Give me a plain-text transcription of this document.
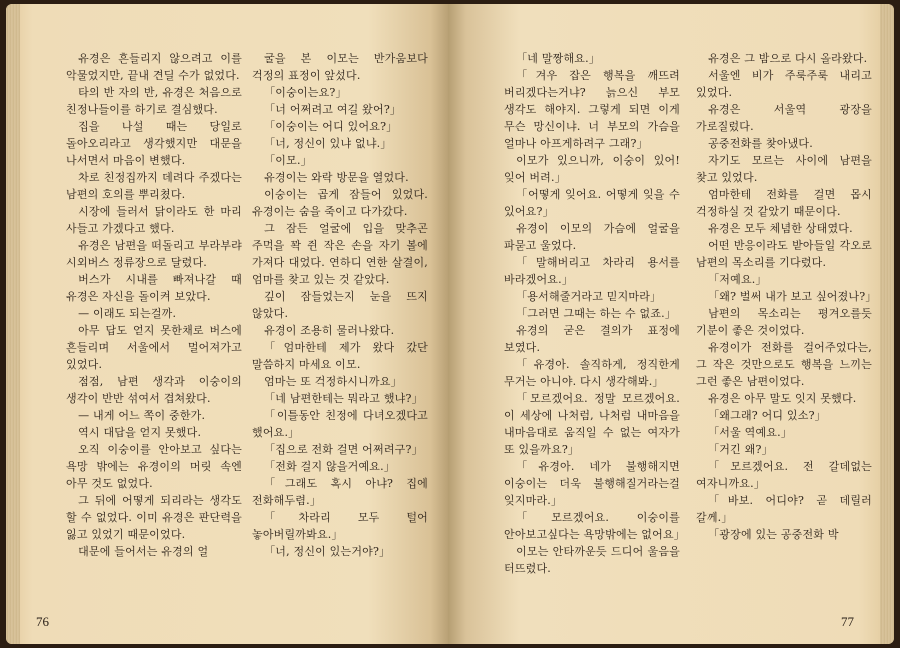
유경은 흔들리지 않으려고 이를 악물었지만, 끝내 견딜 수가 없었다.

타의 반 자의 반, 유경은 처음으로 친정나들이를 하기로 결심했다.

집을 나설 때는 당일로 돌아오리라고 생각했지만 대문을 나서면서 마음이 변했다.

차로 친정집까지 데려다 주겠다는 남편의 호의를 뿌리쳤다.

시장에 들러서 닭이라도 한 마리 사들고 가겠다고 했다.

유경은 남편을 떠돌리고 부라부랴 시외버스 정류장으로 달렸다.

버스가 시내를 빠져나갈 때 유경은 자신을 돌이켜 보았다.

— 이래도 되는걸까.

아무 답도 얻지 못한채로 버스에 흔들리며 서울에서 멀어져가고 있었다.

점점, 남편 생각과 이숭이의 생각이 반반 섞여서 겹쳐왔다.

— 내게 어느 쪽이 중한가.

역시 대답을 얻지 못했다.

오직 이숭이를 안아보고 싶다는 욕망 밖에는 유경이의 머릿 속엔 아무 것도 없었다.

그 뒤에 어떻게 되리라는 생각도 할 수 없었다. 이미 유경은 판단력을 잃고 있었기 때문이었다.

대문에 들어서는 유경의 얼

굴을 본 이모는 반가움보다 걱정의 표정이 앞섰다.

「이숭이는요?」

「너 어쩌려고 여길 왔어?」

「이숭이는 어디 있어요?」

「너, 정신이 있냐 없냐.」

「이모.」

유경이는 와락 방문을 열었다.

이숭이는 곱게 잠들어 있었다. 유경이는 숨을 죽이고 다가갔다.

그 잠든 얼굴에 입을 맞추곤 주먹을 꽉 쥔 작은 손을 자기 볼에 가져다 대었다. 연하디 연한 살결이, 엄마를 찾고 있는 것 같았다.

깊이 잠들었는지 눈을 뜨지 않았다.

유경이 조용히 물러나왔다.

「엄마한테 제가 왔다 갔단 말씀하지 마세요 이모.

엄마는 또 걱정하시니까요」

「네 남편한테는 뭐라고 했냐?」

「이틀동안 친정에 다녀오겠다고 했어요.」

「집으로 전화 걸면 어쩌려구?」

「전화 걸지 않을거예요.」

「그래도 혹시 아냐? 집에 전화해두렴.」

「차라리 모두 털어 놓아버릴까봐요.」

「너, 정신이 있는거야?」

76

「네 말짱해요.」

「겨우 잡은 행복을 깨뜨려 버리겠다는거냐? 늙으신 부모 생각도 해야지. 그렇게 되면 이게 무슨 망신이냐. 너 부모의 가슴을 얼마나 아프게하려구 그래?」

이모가 있으니까, 이숭이 있어! 잊어 버려.」

「어떻게 잊어요. 어떻게 잊을 수 있어요?」

유경이 이모의 가슴에 얼굴을 파묻고 울었다.

「말해버리고 차라리 용서를 바라겠어요.」

「용서해줄거라고 믿지마라」

「그러면 그때는 하는 수 없죠.」

유경의 굳은 결의가 표정에 보였다.

「유경아. 솔직하게, 정직한게 무거는 아니야. 다시 생각해봐.」

「모르겠어요. 정말 모르겠어요. 이 세상에 나처럼, 나처럼 내마음을 내마음대로 움직일 수 없는 여자가 또 있을까요?」

「유경아. 네가 불행해지면 이숭이는 더욱 불행해질거라는걸 잊지마라.」

「모르겠어요. 이숭이를 안아보고싶다는 욕망밖에는 없어요」

이모는 안타까운듯 드디어 울음을 터뜨렸다.

유경은 그 밤으로 다시 올라왔다.

서울엔 비가 주룩주룩 내리고 있었다.

유경은 서울역 광장을 가로질렀다.

공중전화를 찾아냈다.

자기도 모르는 사이에 남편을 찾고 있었다.

엄마한테 전화를 걸면 몹시 걱정하실 것 같았기 때문이다.

유경은 모두 체념한 상태였다.

어떤 반응이라도 받아들일 각오로 남편의 목소리를 기다렸다.

「저예요.」

「왜? 벌써 내가 보고 싶어졌나?」

남편의 목소리는 평겨오를듯 기분이 좋은 것이었다.

유경이가 전화를 걸어주었다는, 그 작은 것만으로도 행복을 느끼는 그런 좋은 남편이었다.

유경은 아무 말도 잇지 못했다.

「왜그래? 어디 있소?」

「서울 역예요.」

「거긴 왜?」

「모르겠어요. 전 갈데없는 여자니까요.」

「바보. 어디야? 곧 데릴러 갈께.」

「광장에 있는 공중전화 박

77
